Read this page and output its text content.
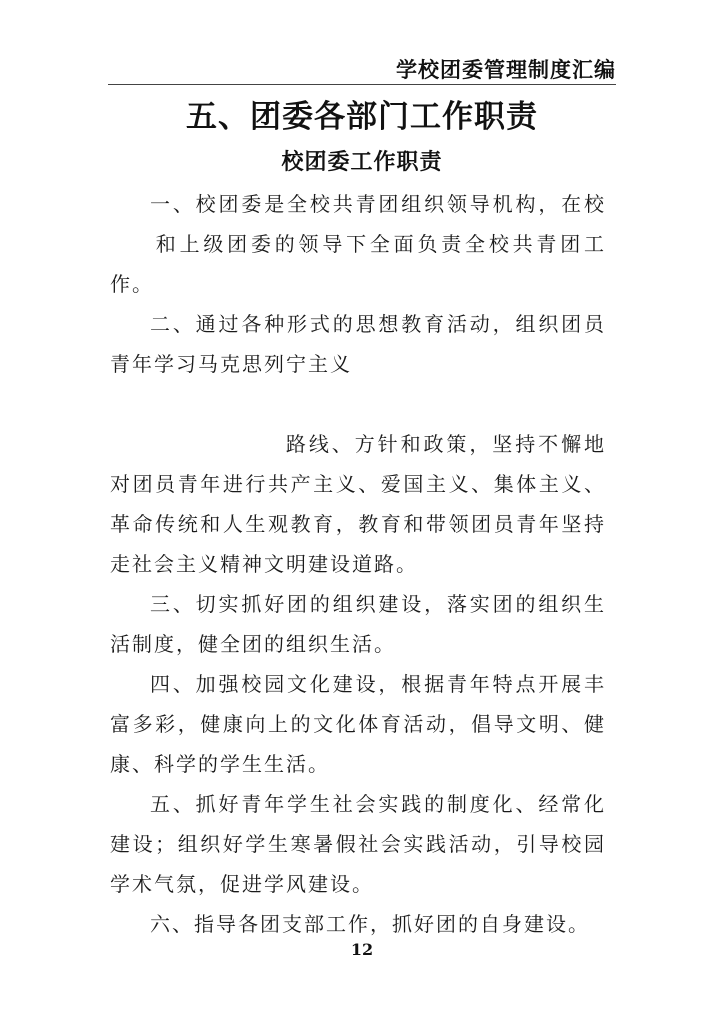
学校团委管理制度汇编
五、团委各部门工作职责
校团委工作职责

一、校团委是全校共青团组织领导机构，在校和上级团委的领导下全面负责全校共青团工作。

二、通过各种形式的思想教育活动，组织团员青年学习马克思列宁主义

路线、方针和政策，坚持不懈地对团员青年进行共产主义、爱国主义、集体主义、革命传统和人生观教育，教育和带领团员青年坚持走社会主义精神文明建设道路。

三、切实抓好团的组织建设，落实团的组织生活制度，健全团的组织生活。

四、加强校园文化建设，根据青年特点开展丰富多彩，健康向上的文化体育活动，倡导文明、健康、科学的学生生活。

五、抓好青年学生社会实践的制度化、经常化建设；组织好学生寒暑假社会实践活动，引导校园学术气氛，促进学风建设。

六、指导各团支部工作，抓好团的自身建设。

12
